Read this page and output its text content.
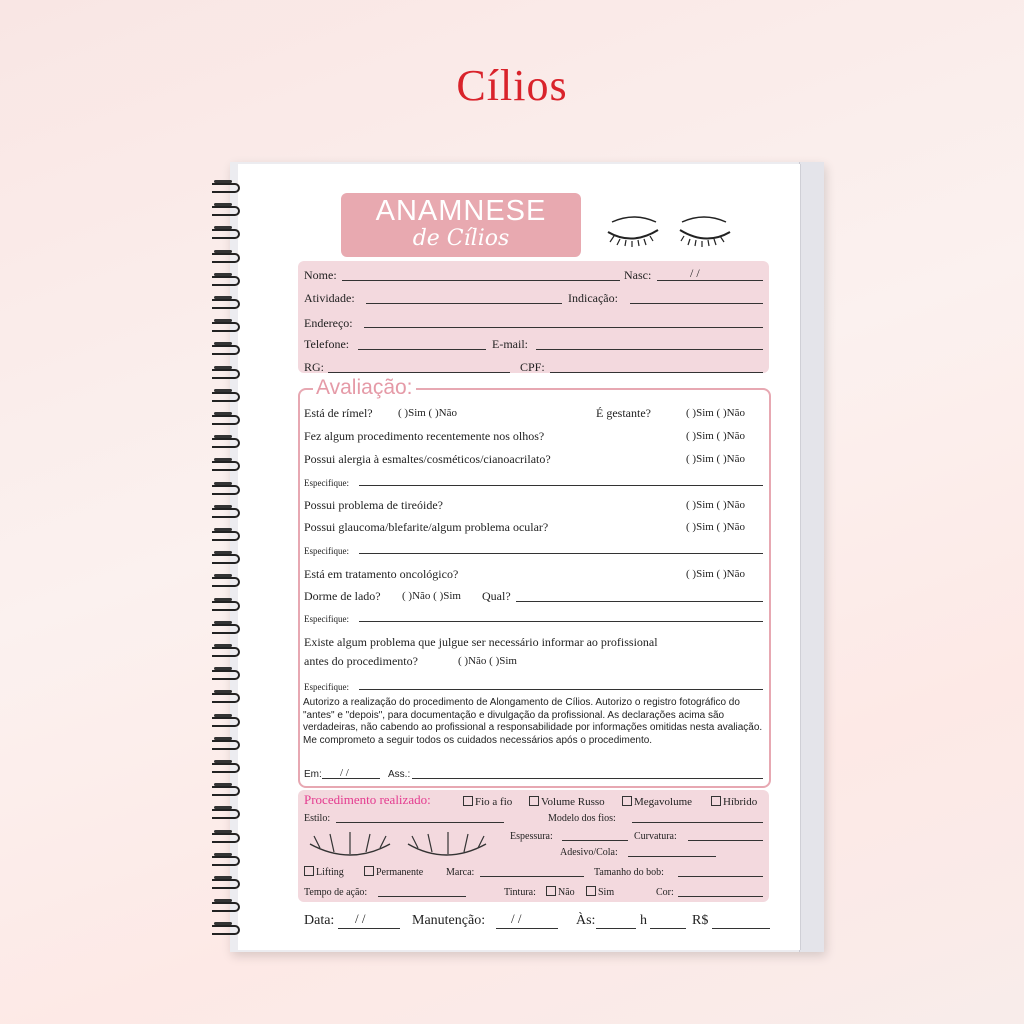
Cílios
ANAMNESE
de Cílios
Nome:	Nasc:	/ /
Atividade:	Indicação:
Endereço:
Telefone:	E-mail:
RG:	CPF:
Avaliação:
Está de rímel? ( )Sim ( )Não	É gestante?	( )Sim ( )Não
Fez algum procedimento recentemente nos olhos?	( )Sim ( )Não
Possui alergia à esmaltes/cosméticos/cianoacrilato?	( )Sim ( )Não
Especifique:
Possui problema de tireóide?	( )Sim ( )Não
Possui glaucoma/blefarite/algum problema ocular?	( )Sim ( )Não
Especifique:
Está em tratamento oncológico?	( )Sim ( )Não
Dorme de lado? ( )Não ( )Sim Qual?
Especifique:
Existe algum problema que julgue ser necessário informar ao profissional
antes do procedimento?	( )Não ( )Sim
Especifique:
Autorizo a realização do procedimento de Alongamento de Cílios. Autorizo o registro fotográfico do "antes" e "depois", para documentação e divulgação da profissional. As declarações acima são verdadeiras, não cabendo ao profissional a responsabilidade por informações omitidas nesta avaliação. Me comprometo a seguir todos os cuidados necessários após o procedimento.
Em: / /	Ass.:
Procedimento realizado:	Fio a fio	Volume Russo	Megavolume	Híbrido
Estilo:	Modelo dos fios:
Espessura:	Curvatura:
Adesivo/Cola:
Lifting	Permanente Marca:	Tamanho do bob:
Tempo de ação:	Tintura:	Não	Sim	Cor:
Data: / /	Manutenção: / /	Às:	h	R$
